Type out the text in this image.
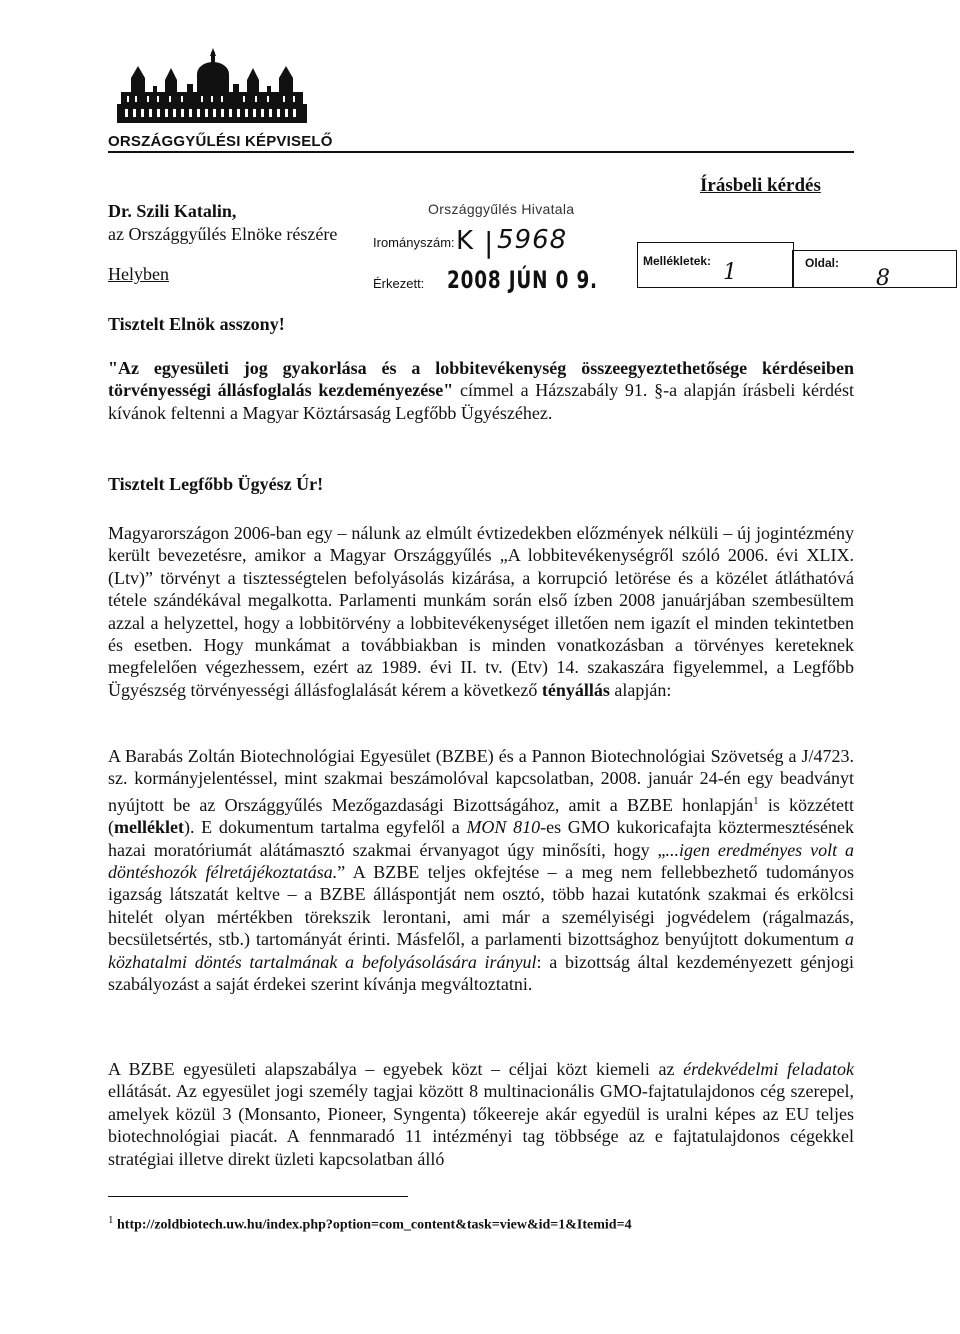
ORSZÁGGYŰLÉSI KÉPVISELŐ
Dr. Szili Katalin,
az Országgyűlés Elnöke részére
Helyben
Írásbeli kérdés
Országgyűlés Hivatala
Irományszám: K | 5968
Érkezett: 2008 JÚN 0 9.
Mellékletek: 1	Oldal:
8
Tisztelt Elnök asszony!
"Az egyesületi jog gyakorlása és a lobbitevékenység összeegyeztethetősége kérdéseiben törvényességi állásfoglalás kezdeményezése" címmel a Házszabály 91. §-a alapján írásbeli kérdést kívánok feltenni a Magyar Köztársaság Legfőbb Ügyészéhez.
Tisztelt Legfőbb Ügyész Úr!
Magyarországon 2006-ban egy – nálunk az elmúlt évtizedekben előzmények nélküli – új jogintézmény került bevezetésre, amikor a Magyar Országgyűlés „A lobbitevékenységről szóló 2006. évi XLIX. (Ltv)” törvényt a tisztességtelen befolyásolás kizárása, a korrupció letörése és a közélet átláthatóvá tétele szándékával megalkotta. Parlamenti munkám során első ízben 2008 januárjában szembesültem azzal a helyzettel, hogy a lobbitörvény a lobbitevékenységet illetően nem igazít el minden tekintetben és esetben. Hogy munkámat a továbbiakban is minden vonatkozásban a törvényes kereteknek megfelelően végezhessem, ezért az 1989. évi II. tv. (Etv) 14. szakaszára figyelemmel, a Legfőbb Ügyészség törvényességi állásfoglalását kérem a következő tényállás alapján:
A Barabás Zoltán Biotechnológiai Egyesület (BZBE) és a Pannon Biotechnológiai Szövetség a J/4723. sz. kormányjelentéssel, mint szakmai beszámolóval kapcsolatban, 2008. január 24-én egy beadványt nyújtott be az Országgyűlés Mezőgazdasági Bizottságához, amit a BZBE honlapján$^1$ is közzétett (melléklet). E dokumentum tartalma egyfelől a MON 810-es GMO kukoricafajta köztermesztésének hazai moratóriumát alátámasztó szakmai érvanyagot úgy minősíti, hogy „...igen eredményes volt a döntéshozók félretájékoztatása.” A BZBE teljes okfejtése – a meg nem fellebbezhető tudományos igazság látszatát keltve – a BZBE álláspontját nem osztó, több hazai kutatónk szakmai és erkölcsi hitelét olyan mértékben törekszik lerontani, ami már a személyiségi jogvédelem (rágalmazás, becsületsértés, stb.) tartományát érinti. Másfelől, a parlamenti bizottsághoz benyújtott dokumentum a közhatalmi döntés tartalmának a befolyásolására irányul: a bizottság által kezdeményezett génjogi szabályozást a saját érdekei szerint kívánja megváltoztatni.
A BZBE egyesületi alapszabálya – egyebek közt – céljai közt kiemeli az érdekvédelmi feladatok ellátását. Az egyesület jogi személy tagjai között 8 multinacionális GMO-fajtatulajdonos cég szerepel, amelyek közül 3 (Monsanto, Pioneer, Syngenta) tőkeereje akár egyedül is uralni képes az EU teljes biotechnológiai piacát. A fennmaradó 11 intézményi tag többsége az e fajtatulajdonos cégekkel stratégiai illetve direkt üzleti kapcsolatban álló
$^1$ http://zoldbiotech.uw.hu/index.php?option=com_content&task=view&id=1&Itemid=4
